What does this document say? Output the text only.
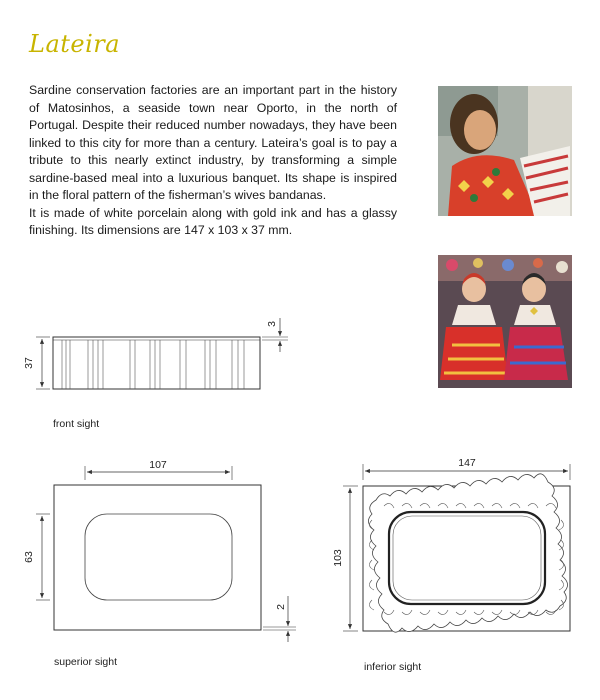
Lateira

Sardine conservation factories are an important part in the history of Matosinhos, a seaside town near Oporto, in the north of Portugal. Despite their reduced number nowadays, they have been linked to this city for more than a century. Lateira’s goal is to pay a tribute to this nearly extinct industry, by transforming a simple sardine-based meal into a luxurious banquet. Its shape is inspired in the floral pattern of the fisherman’s wives bandanas.

It is made of white porcelain along with gold ink and has a glassy finishing. Its dimensions are 147 x 103 x 37 mm.

37
3
107
63
2
147
103
front sight
superior sight	inferior sight
